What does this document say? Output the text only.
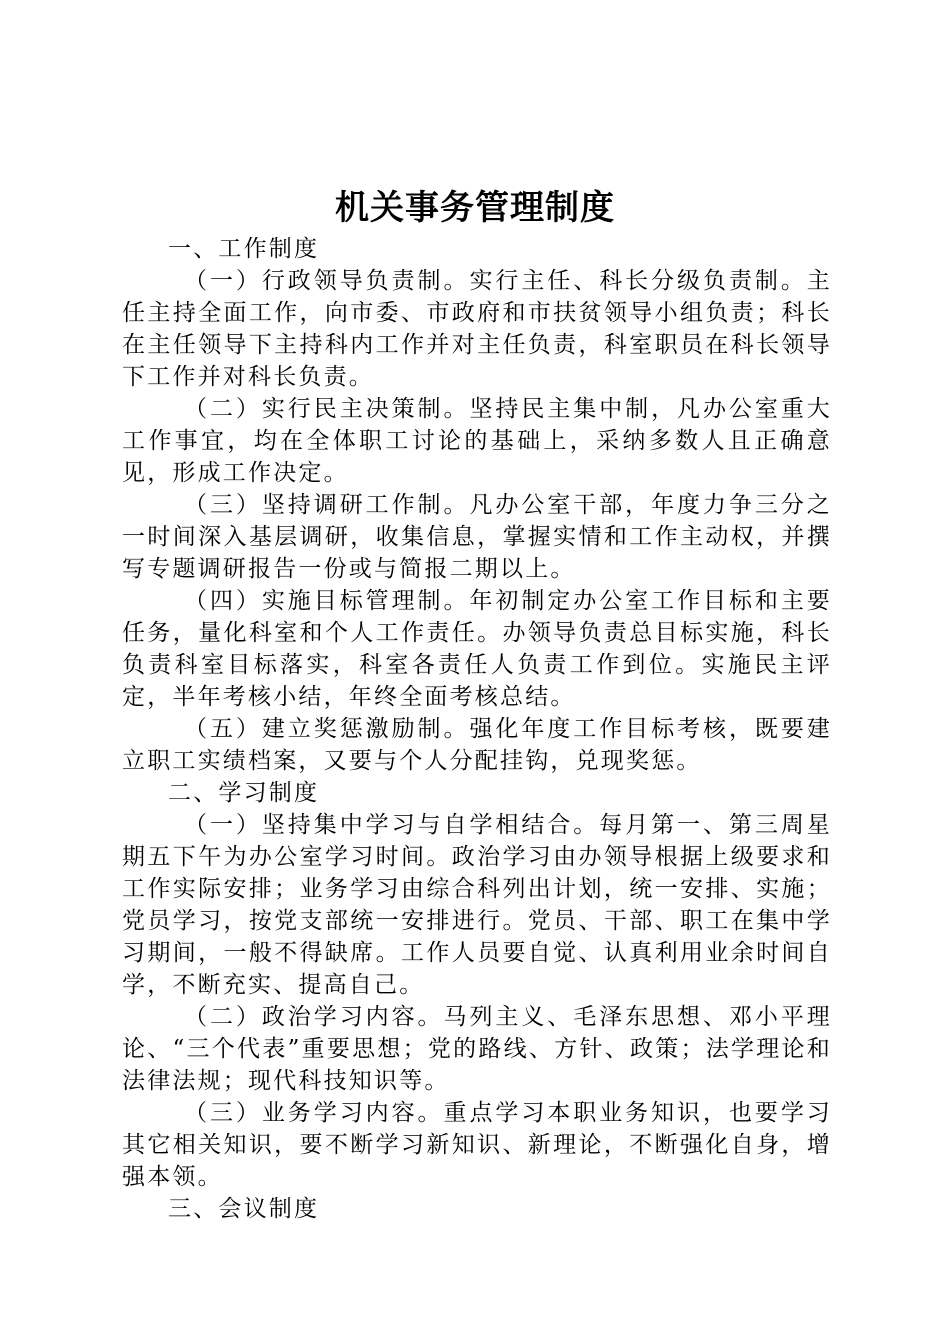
机关事务管理制度

一、工作制度

（一）行政领导负责制。实行主任、科长分级负责制。主任主持全面工作，向市委、市政府和市扶贫领导小组负责；科长在主任领导下主持科内工作并对主任负责，科室职员在科长领导下工作并对科长负责。

（二）实行民主决策制。坚持民主集中制，凡办公室重大工作事宜，均在全体职工讨论的基础上，采纳多数人且正确意见，形成工作决定。

（三）坚持调研工作制。凡办公室干部，年度力争三分之一时间深入基层调研，收集信息，掌握实情和工作主动权，并撰写专题调研报告一份或与简报二期以上。

（四）实施目标管理制。年初制定办公室工作目标和主要任务，量化科室和个人工作责任。办领导负责总目标实施，科长负责科室目标落实，科室各责任人负责工作到位。实施民主评定，半年考核小结，年终全面考核总结。

（五）建立奖惩激励制。强化年度工作目标考核，既要建立职工实绩档案，又要与个人分配挂钩，兑现奖惩。

二、学习制度

（一）坚持集中学习与自学相结合。每月第一、第三周星期五下午为办公室学习时间。政治学习由办领导根据上级要求和工作实际安排；业务学习由综合科列出计划，统一安排、实施；党员学习，按党支部统一安排进行。党员、干部、职工在集中学习期间，一般不得缺席。工作人员要自觉、认真利用业余时间自学，不断充实、提高自己。

（二）政治学习内容。马列主义、毛泽东思想、邓小平理论、“三个代表”重要思想；党的路线、方针、政策；法学理论和法律法规；现代科技知识等。

（三）业务学习内容。重点学习本职业务知识，也要学习其它相关知识，要不断学习新知识、新理论，不断强化自身，增强本领。

三、会议制度
